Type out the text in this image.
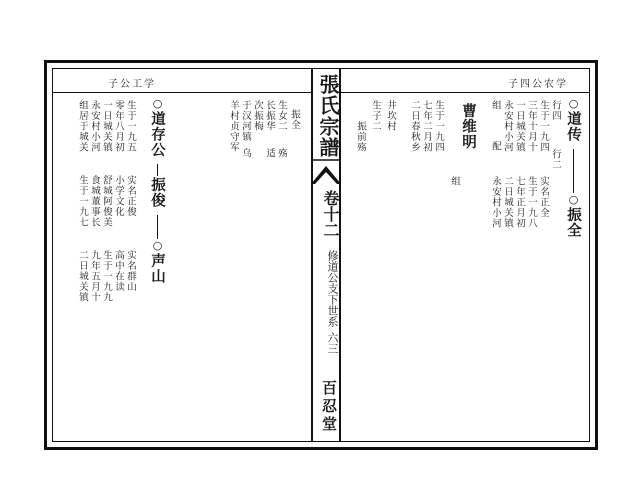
子公工学
振全
生女二
长振华
次振梅
于汉河镇
羊村贞守军
适 殇
乌
○道存公
振俊
○声山
生于一九五
零年八月初
一日城关镇
永安村小河
组居于城关
实名正俊
小学文化
舒城阿俊美
食城董事长
生于一九七
实名群山
高中在读
生于一九九
九年五月十
二日城关镇
張氏宗譜
卷十二
修道公支下世系
六三
百忍堂
子四公农学
○道传
○振全
行四
生于一九四
三年十月十
一日城关镇
永安村小河
组
行二
实名正全
生于一九八
七年正月初
二日城关镇
永安村小河
组
配
曹维明
生于一九四
七年二月初
二日春秋乡
井坎村
生子二
振前殇
